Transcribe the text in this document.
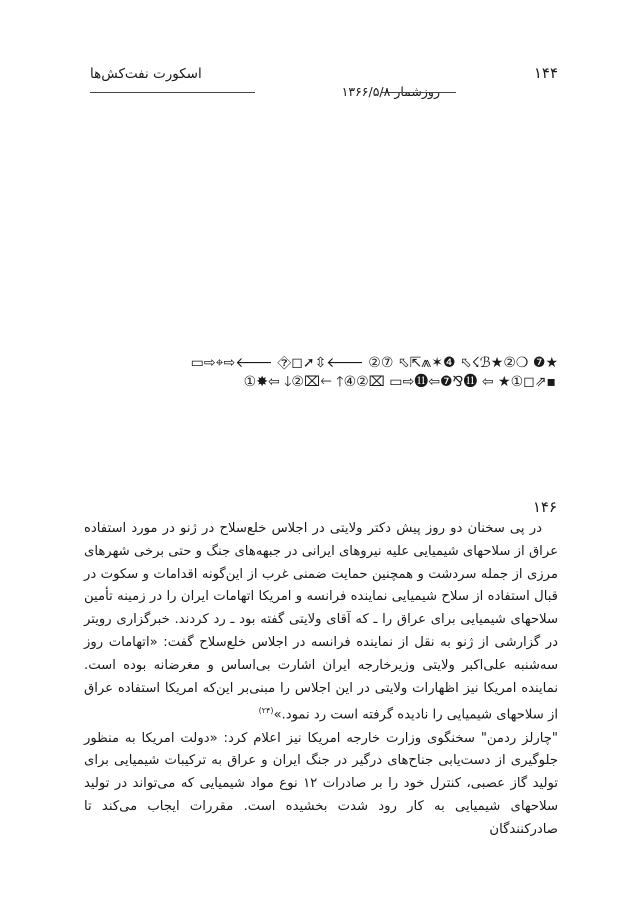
اسکورت نفت‌کش‌ها	۱۴۴
روزشمار ۱۳۶۶/۵/۸
▭⇨⌖⇨🡐 ⯑◻➚⇳🡐 ②⑦ ⬁⇱⩕✶❹ ⬁☇ℬ★②❍ ❼★
①✸⇦ 🡓②⌧🡐 🡑④②⌧ ▭⇨⓫⇦❼⅋⓫ ⇦ ★①◻⇗▪
۱۴۶

در پی سخنان دو روز پیش دکتر ولایتی در اجلاس خلع‌سلاح در ژنو در مورد استفاده عراق از سلاحهای شیمیایی علیه نیروهای ایرانی در جبهه‌های جنگ و حتی برخی شهرهای مرزی از جمله سردشت و همچنین حمایت ضمنی غرب از این‌گونه اقدامات و سکوت در قبال استفاده از سلاح شیمیایی نماینده فرانسه و امریکا اتهامات ایران را در زمینه تأمین سلاحهای شیمیایی برای عراق را ـ که آقای ولایتی گفته بود ـ رد کردند. خبرگزاری رویتر در گزارشی از ژنو به نقل از نماینده فرانسه در اجلاس خلع‌سلاح گفت: «اتهامات روز سه‌شنبه علی‌اکبر ولایتی وزیرخارجه ایران اشارت بی‌اساس و مغرضانه بوده است. نماینده امریکا نیز اظهارات ولایتی در این اجلاس را مبنی‌بر این‌که امریکا استفاده عراق از سلاحهای شیمیایی را نادیده گرفته است رد نمود.»$^{(۲۴)}$

"چارلز ردمن" سخنگوی وزارت خارجه امریکا نیز اعلام کرد: «دولت امریکا به منظور جلوگیری از دست‌یابی جناح‌های درگیر در جنگ ایران و عراق به ترکیبات شیمیایی برای تولید گاز عصبی، کنترل خود را بر صادرات ۱۲ نوع مواد شیمیایی که می‌تواند در تولید سلاحهای شیمیایی به کار رود شدت بخشیده است. مقررات ایجاب می‌کند تا صادرکنندگان
